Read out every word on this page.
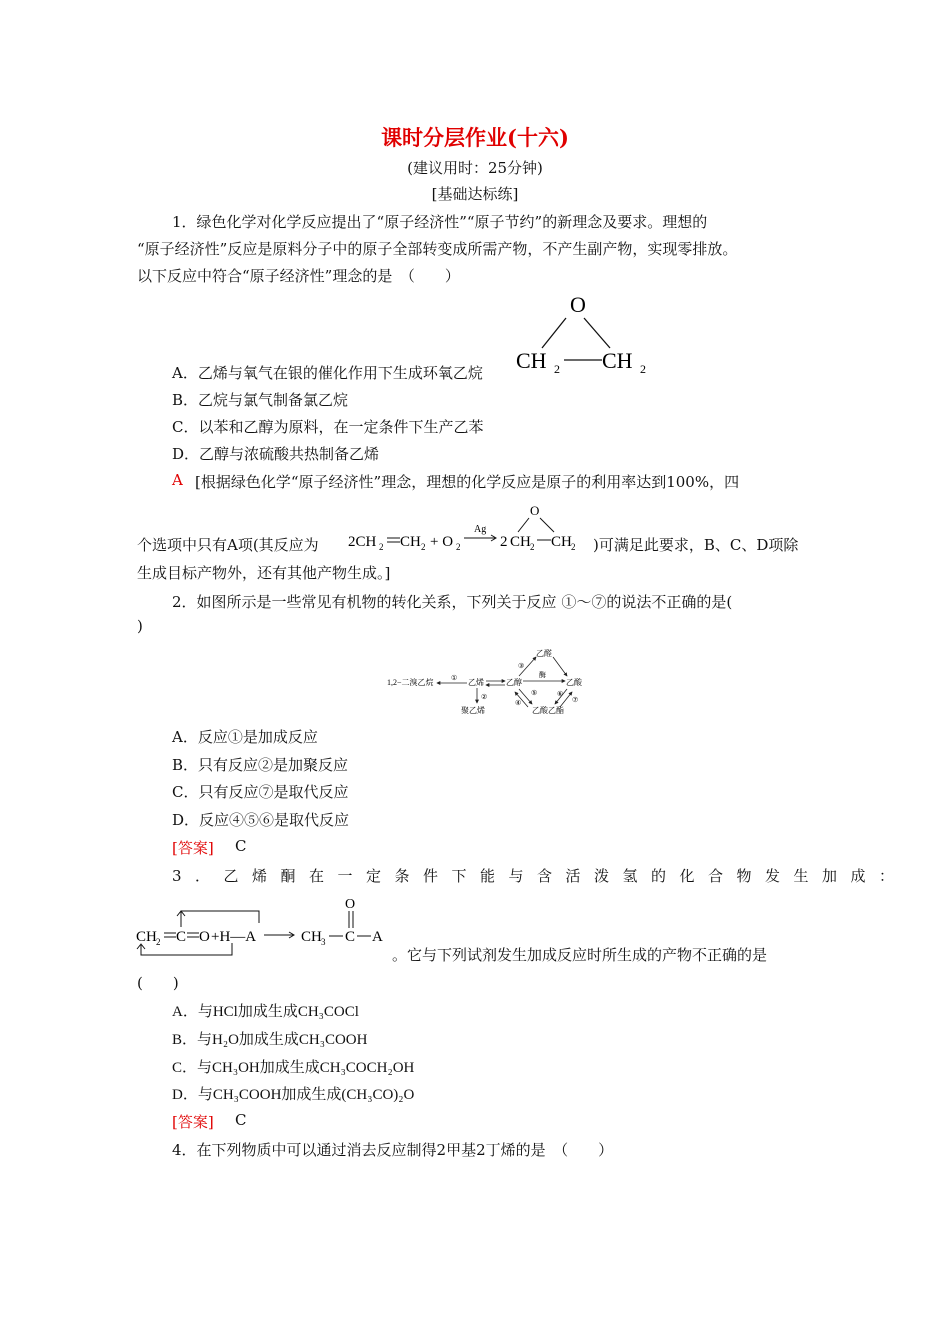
课时分层作业(十六)
(建议用时：25分钟)
[基础达标练]
1．绿色化学对化学反应提出了“原子经济性”“原子节约”的新理念及要求。理想的
“原子经济性”反应是原料分子中的原子全部转变成所需产物，不产生副产物，实现零排放。
以下反应中符合“原子经济性”理念的是　（　　）
O
CH 2 CH 2
A．乙烯与氧气在银的催化作用下生成环氧乙烷
B．乙烷与氯气制备氯乙烷
C．以苯和乙醇为原料，在一定条件下生产乙苯
D．乙醇与浓硫酸共热制备乙烯
A [根据绿色化学“原子经济性”理念，理想的化学反应是原子的利用率达到100%，四
个选项中只有A项(其反应为 2CH 2 CH 2 + O 2
Ag
2
O
CH 2 CH 2 )可满足此要求，B、C、D项除
生成目标产物外，还有其他产物生成。]
2．如图所示是一些常见有机物的转化关系，下列关于反应 ①～⑦的说法不正确的是(
)
1,2−二溴乙烷 ① 乙烯
②
聚乙烯
乙醇
③
乙醛
酶
乙酸
⑤
④
乙酸乙酯
⑥
⑦
A．反应①是加成反应
B．只有反应②是加聚反应
C．只有反应⑦是取代反应
D．反应④⑤⑥是取代反应
[答案] C
3．乙烯酮在一定条件下能与含活泼氢的化合物发生加成：
CH 2 C O +H—A	CH 3 C
O
A
。它与下列试剂发生加成反应时所生成的产物不正确的是
(　　)
A．与HCl加成生成CH₃COCl
B．与H₂O加成生成CH₃COOH
C．与CH₃OH加成生成CH₃COCH₂OH
D．与CH₃COOH加成生成(CH₃CO)₂O
[答案] C
4．在下列物质中可以通过消去反应制得2甲基2丁烯的是　（　　）
